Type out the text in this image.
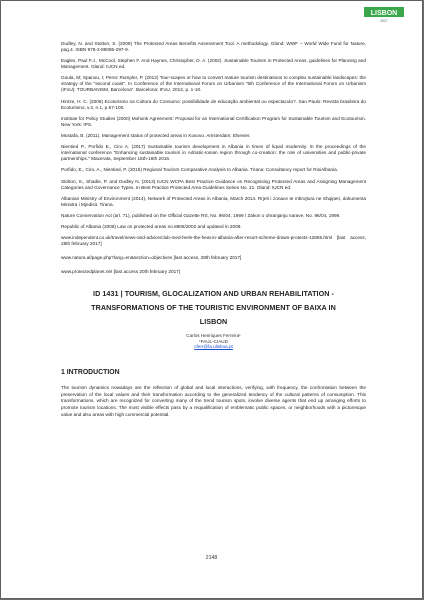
LISBON
2017

Dudley, N. and Stolton, S. (2009) The Protected Areas Benefits Assessment Tool. A methodology. Gland: WWF – World Wide Fund for Nature, pag.4. ISBN 978-2-88085-297-9.

Eagles, Paul F.J., McCool, Stephen F. And Haynes, Christopher, D. A. (2002). Sustainable Tourism in Protected Areas, guidelines for Planning and Management. Gland: IUCN ed.

Goula, M; Spanou, I; Perez Rumpler, P. (2012) Tour-scapes or how to convert mature tourism destinations to complex sustainable landscapes: the strategy of the "second coast". In Conference of the International Forum on Urbanism "6th Conference of the International Forum on Urbanism (IFoU): TOURBANISM, Barcelona". Barcelona: IFoU, 2012, p. 1-10.

Hintze, H. C. (2008) Ecoturismo na Cultura do Consumo: possibilidade de educação ambiental ou espectaculo?. Sao Paulo: Revista brasileira do Ecoturismo, v.2, n.1, p.57-100.

Institute for Policy Studies (2000) Mohonk Agreement: Proposal for an International Certification Program for Sustainable Tourism and Ecotourism. New York: IPS.

Mustafa, B. (2011). Management status of protected areas in Kosovo. Amsterdam: Elsevier.

Nientied P., Porfido E., Ciro A. (2017) Sustainable tourism development in Albania in times of liquid modernity. In the proceedings of the international conference "Enhancing sustainable tourism in Adriatic-Ionian region through co-creation: the role of universities and public-private partnerships." Macerata, September 15th-16th 2016.

Porfido, E., Ciro, A., Nientied, P. (2016) Regional Tourism Comparative Analysis In Albania. Tirana: Consultancy report for RisiAlbania.

Stolton, S., Shadie, P. and Dudley N. (2013) IUCN WCPA Best Practice Guidance on Recognising Protected Areas and Assigning Management Categories and Governance Types. In Best Practice Protected Area Guidelines Series No. 21. Gland: IUCN ed.

Albanian Ministry of Environment (2014), Network of Protected Areas in Albania, March 2014. Rrjeti i zonace te mbrojtura ne Shqiperi, dokumenta Ministra i Mjedisit. Tirana.

Nature Conservation Act (art. 71), published on the Official Gazette RS, No. 96/04, 1999 / Zakon o ohranjanju narave, No. 96/04, 1999.

Republic of Albania (2008) Law on protected areas no.8906/2002 and updated in 2008.

www.independent.co.uk/travel/news-and-advice/club-med-feels-the-heat-in-albania-after-resort-scheme-draws-protests-12865.html [last access, 28th february 2017]

www.natura.al/page.php?lang=en&section=objectives [last access, 28th february 2017]

www.protectedplanet.net [last access 20th february 2017]

ID 1431 | TOURISM, GLOCALIZATION AND URBAN REHABILITATION -
TRANSFORMATIONS OF THE TOURISTIC ENVIRONMENT OF BAIXA IN
LISBON
Carlos Henriques Ferreira¹
¹FAUL-CIAUD
cferr@fa.ulisboa.pt
1 INTRODUCTION

The tourism dynamics nowadays are the reflection of global and local interactions, verifying, with frequency, the confrontation between the preservation of the local values and their transformation according to the generalized tendency of the cultural patterns of consumption. This transformations, which are recognized for converting many of the trend tourism spots, involve diverse agents that end up arranging efforts to promote tourism locations. The most visible effects pass by a requalification of emblematic public spaces, or neighborhoods with a picturesque value and also areas with high commercial potential.

2148
